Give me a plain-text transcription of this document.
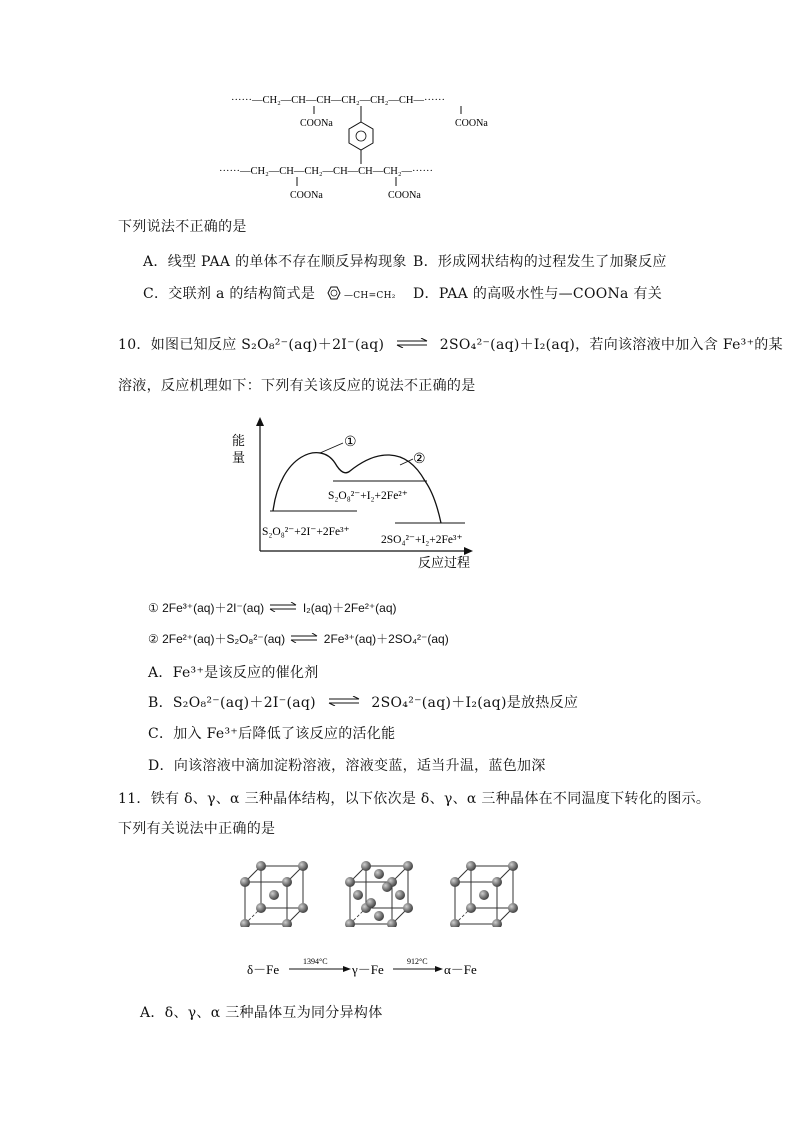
······—CH₂—CH—CH—CH₂—CH₂—CH—······
COONa	COONa
······—CH₂—CH—CH₂—CH—CH—CH₂—······
COONa	COONa
下列说法不正确的是
A．线型 PAA 的单体不存在顺反异构现象 B．形成网状结构的过程发生了加聚反应
C．交联剂 a 的结构简式是	—CH=CH₂ D．PAA 的高吸水性与—COONa 有关
10．如图已知反应 S₂O₈²⁻(aq)＋2I⁻(aq) ⇌ 2SO₄²⁻(aq)＋I₂(aq)，若向该溶液中加入含 Fe³⁺的某
溶液，反应机理如下：下列有关该反应的说法不正确的是
能
量
反应过程
①
②
S₂O₈²⁻+I₂+2Fe²⁺
S₂O₈²⁻+2I⁻+2Fe³⁺
2SO₄²⁻+I₂+2Fe³⁺
① 2Fe³⁺(aq)＋2I⁻(aq) ⇌ I₂(aq)＋2Fe²⁺(aq)
② 2Fe²⁺(aq)＋S₂O₈²⁻(aq) ⇌ 2Fe³⁺(aq)＋2SO₄²⁻(aq)
A．Fe³⁺是该反应的催化剂
B．S₂O₈²⁻(aq)＋2I⁻(aq) ⇌ 2SO₄²⁻(aq)＋I₂(aq)是放热反应
C．加入 Fe³⁺后降低了该反应的活化能
D．向该溶液中滴加淀粉溶液，溶液变蓝，适当升温，蓝色加深
11．铁有 δ、γ、α 三种晶体结构，以下依次是 δ、γ、α 三种晶体在不同温度下转化的图示。
下列有关说法中正确的是
δ－Fe
1394°C
γ－Fe
912°C
α－Fe
A．δ、γ、α 三种晶体互为同分异构体
